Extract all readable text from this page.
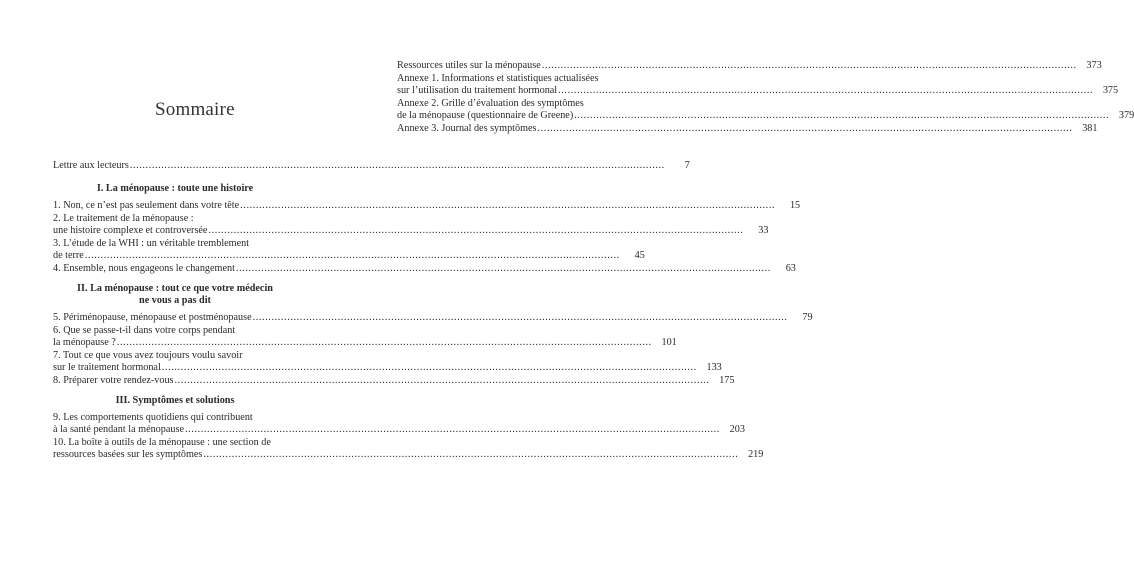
Sommaire
Lettre aux lecteurs .....	7
I. La ménopause : toute une histoire
1. Non, ce n’est pas seulement dans votre tête .....	15
2. Le traitement de la ménopause :
une histoire complexe et controversée .....	33
3. L’étude de la WHI : un véritable tremblement
de terre .....	45
4. Ensemble, nous engageons le changement .....	63
II. La ménopause : tout ce que votre médecin ne vous a pas dit
5. Périménopause, ménopause et postménopause .....	79
6. Que se passe-t-il dans votre corps pendant
la ménopause ? .....	101
7. Tout ce que vous avez toujours voulu savoir
sur le traitement hormonal .....	133
8. Préparer votre rendez-vous .....	175
III. Symptômes et solutions
9. Les comportements quotidiens qui contribuent
à la santé pendant la ménopause .....	203
10. La boîte à outils de la ménopause : une section de
ressources basées sur les symptômes .....	219
Ressources utiles sur la ménopause .....	373
Annexe 1. Informations et statistiques actualisées
sur l’utilisation du traitement hormonal .....	375
Annexe 2. Grille d’évaluation des symptômes
de la ménopause (questionnaire de Greene) .....	379
Annexe 3. Journal des symptômes .....	381
